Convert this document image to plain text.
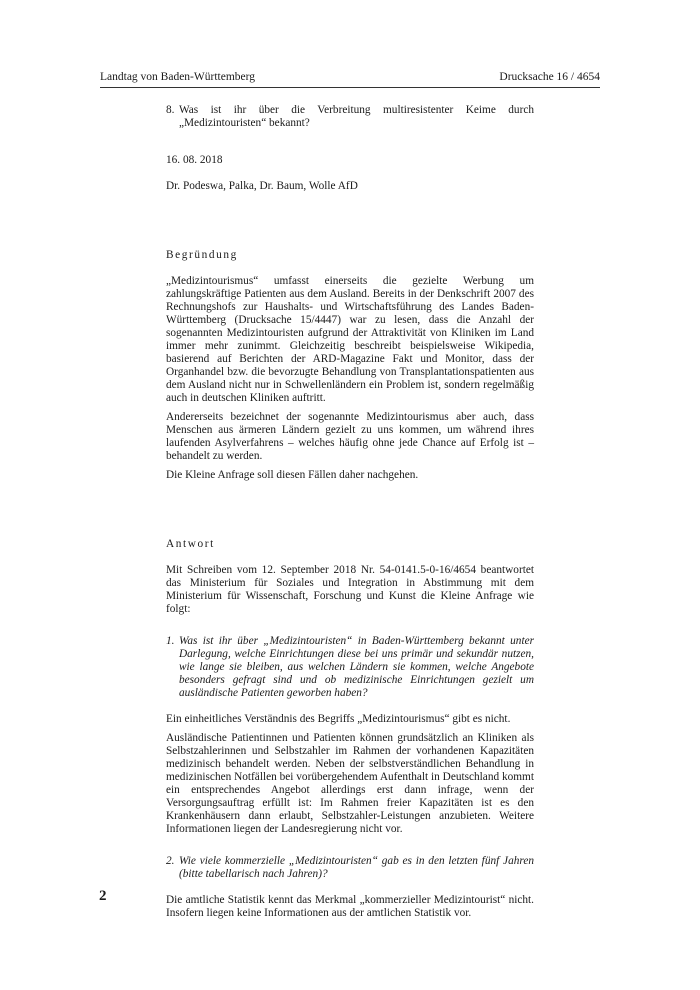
Landtag von Baden-Württemberg	Drucksache 16 / 4654
8. Was ist ihr über die Verbreitung multiresistenter Keime durch „Medizintouristen“ bekannt?

16. 08. 2018

Dr. Podeswa, Palka, Dr. Baum, Wolle AfD

Begründung

„Medizintourismus“ umfasst einerseits die gezielte Werbung um zahlungskräftige Patienten aus dem Ausland. Bereits in der Denkschrift 2007 des Rechnungshofs zur Haushalts- und Wirtschaftsführung des Landes Baden-Württemberg (Drucksache 15/4447) war zu lesen, dass die Anzahl der sogenannten Medizintouristen aufgrund der Attraktivität von Kliniken im Land immer mehr zunimmt. Gleichzeitig beschreibt beispielsweise Wikipedia, basierend auf Berichten der ARD-Magazine Fakt und Monitor, dass der Organhandel bzw. die bevorzugte Behandlung von Transplantationspatienten aus dem Ausland nicht nur in Schwellenländern ein Problem ist, sondern regelmäßig auch in deutschen Kliniken auftritt.

Andererseits bezeichnet der sogenannte Medizintourismus aber auch, dass Menschen aus ärmeren Ländern gezielt zu uns kommen, um während ihres laufenden Asylverfahrens – welches häufig ohne jede Chance auf Erfolg ist – behandelt zu werden.

Die Kleine Anfrage soll diesen Fällen daher nachgehen.

Antwort

Mit Schreiben vom 12. September 2018 Nr. 54-0141.5-0-16/4654 beantwortet das Ministerium für Soziales und Integration in Abstimmung mit dem Ministerium für Wissenschaft, Forschung und Kunst die Kleine Anfrage wie folgt:

1. Was ist ihr über „Medizintouristen“ in Baden-Württemberg bekannt unter Darlegung, welche Einrichtungen diese bei uns primär und sekundär nutzen, wie lange sie bleiben, aus welchen Ländern sie kommen, welche Angebote besonders gefragt sind und ob medizinische Einrichtungen gezielt um ausländische Patienten geworben haben?

Ein einheitliches Verständnis des Begriffs „Medizintourismus“ gibt es nicht.

Ausländische Patientinnen und Patienten können grundsätzlich an Kliniken als Selbstzahlerinnen und Selbstzahler im Rahmen der vorhandenen Kapazitäten medizinisch behandelt werden. Neben der selbstverständlichen Behandlung in medizinischen Notfällen bei vorübergehendem Aufenthalt in Deutschland kommt ein entsprechendes Angebot allerdings erst dann infrage, wenn der Versorgungsauftrag erfüllt ist: Im Rahmen freier Kapazitäten ist es den Krankenhäusern dann erlaubt, Selbstzahler-Leistungen anzubieten. Weitere Informationen liegen der Landesregierung nicht vor.

2. Wie viele kommerzielle „Medizintouristen“ gab es in den letzten fünf Jahren (bitte tabellarisch nach Jahren)?

Die amtliche Statistik kennt das Merkmal „kommerzieller Medizintourist“ nicht. Insofern liegen keine Informationen aus der amtlichen Statistik vor.

2
